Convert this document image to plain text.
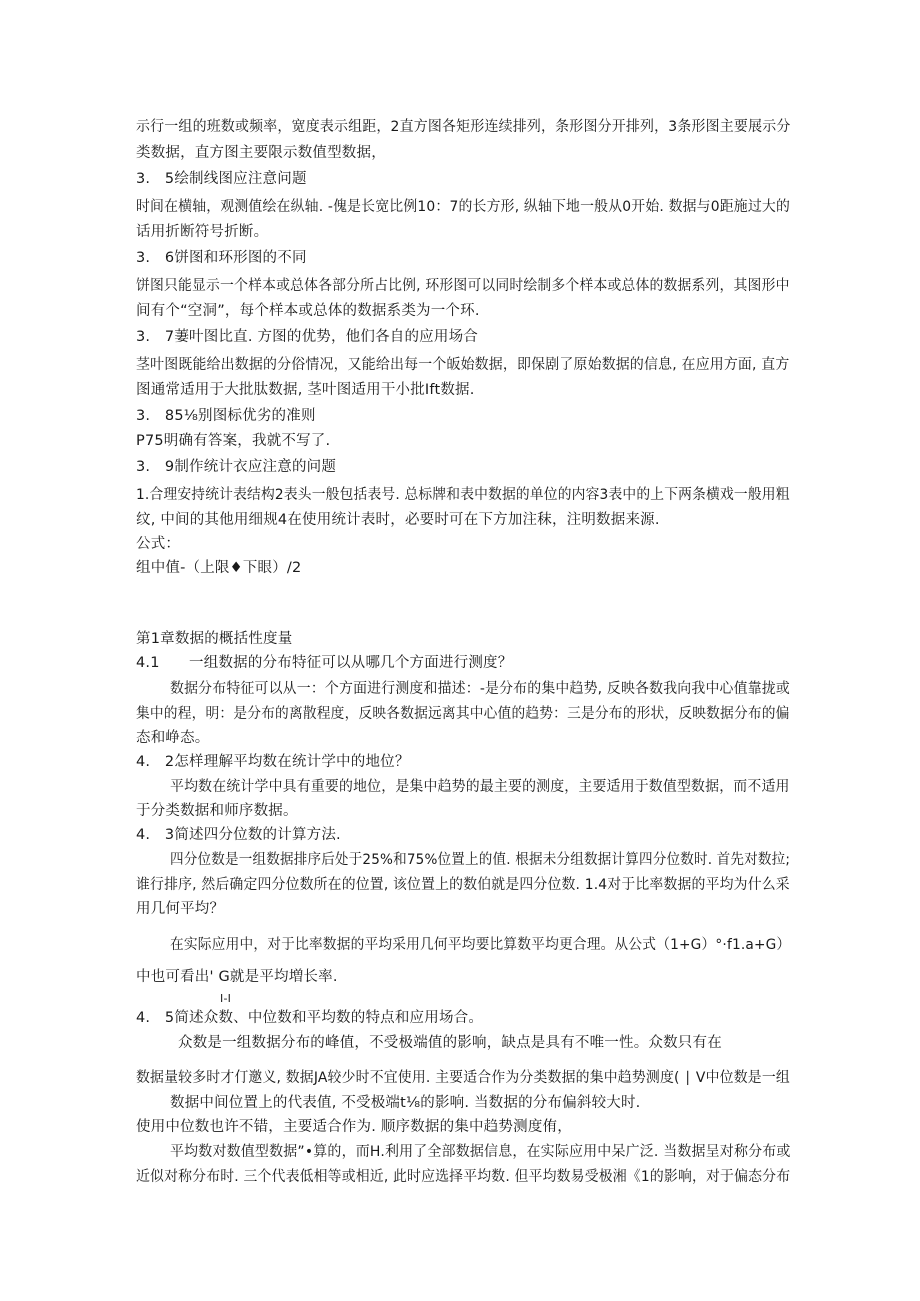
示行一组的班数或频率，宽度表示组距，2直方图各矩形连续排列，条形图分开排列，3条形图主要展示分
类数据，直方图主要限示数值型数据，
3.　5绘制线图应注意问题
时间在横轴，观测值绘在纵轴. -傀是长宽比例10：7的长方形, 纵轴下地一般从0开始. 数据与0距施过大的
话用折断符号折断。
3.　6饼图和环形图的不同
饼图只能显示一个样本或总体各部分所占比例, 环形图可以同时绘制多个样本或总体的数据系列，其图形中
间有个“空洞”，每个样本或总体的数据系类为一个环.
3.　7萋叶图比直. 方图的优势，他们各自的应用场合
茎叶图既能给出数据的分俗情况，又能给出每一个皈始数据，即保剧了原始数据的信息, 在应用方面, 直方
图通常适用于大批肽数据, 茎叶图适用干小批Ift数据.
3.　85⅛别图标优劣的准则
P75明确有答案，我就不写了.
3.　9制作统计衣应注意的问题
1.合理安持统计表结构2表头一般包括表号. 总标牌和表中数据的单位的内容3表中的上下两条横戏一般用粗
纹, 中间的其他用细规4在使用统计表时，必要时可在下方加注秣，注明数据来源.
公式：
组中值-（上限♦下眼）/2
第1章数据的概括性度量
4.1　　一组数据的分布特征可以从哪几个方面进行测度？
数据分布特征可以从一：个方面进行测度和描述：-是分布的集中趋势, 反映各数我向我中心值靠拢或
集中的程，明：是分布的离散程度，反映各数据远离其中心值的趋势：三是分布的形状，反映数据分布的偏
态和峥态。
4.　2怎样理解平均数在统计学中的地位？
平均数在统计学中具有重要的地位，是集中趋势的最主要的测度，主要适用于数值型数据，而不适用
于分类数据和师序数据。
4.　3简述四分位数的计算方法.
四分位数是一组数据排序后处于25%和75%位置上的值. 根据未分组数据计算四分位数时. 首先对数拉;
谁行排序, 然后确定四分位数所在的位置, 该位置上的数伯就是四分位数. 1.4对于比率数据的平均为什么采
用几何平均？
在实际应用中，对于比率数据的平均采用几何平均要比算数平均更合理。从公式（1+G）°·f1.a+G）
中也可看出' G就是平均増长率.
I-I
4.　5简述众数、中位数和平均数的特点和应用场合。
众数是一组数据分布的峰值，不受极端值的影响，缺点是具有不唯一性。众数只有在
数据量较多时才仃邀义, 数据JA较少时不宜使用. 主要适合作为分类数据的集中趋势测度( ∣ V中位数是一组
数据中间位置上的代表值, 不受极端t⅛的影响. 当数据的分布偏斜较大时.
使用中位数也许不错，主要适合作为. 顺序数据的集中趋势测度侑，
平均数对数值型数据”•算的，而H.利用了全部数据信息，在实际应用中呆广泛. 当数据呈对称分布或
近似对称分布时. 三个代表低相等或相近, 此时应选择平均数. 但平均数易受极湘《1的影响，对于偏态分布
